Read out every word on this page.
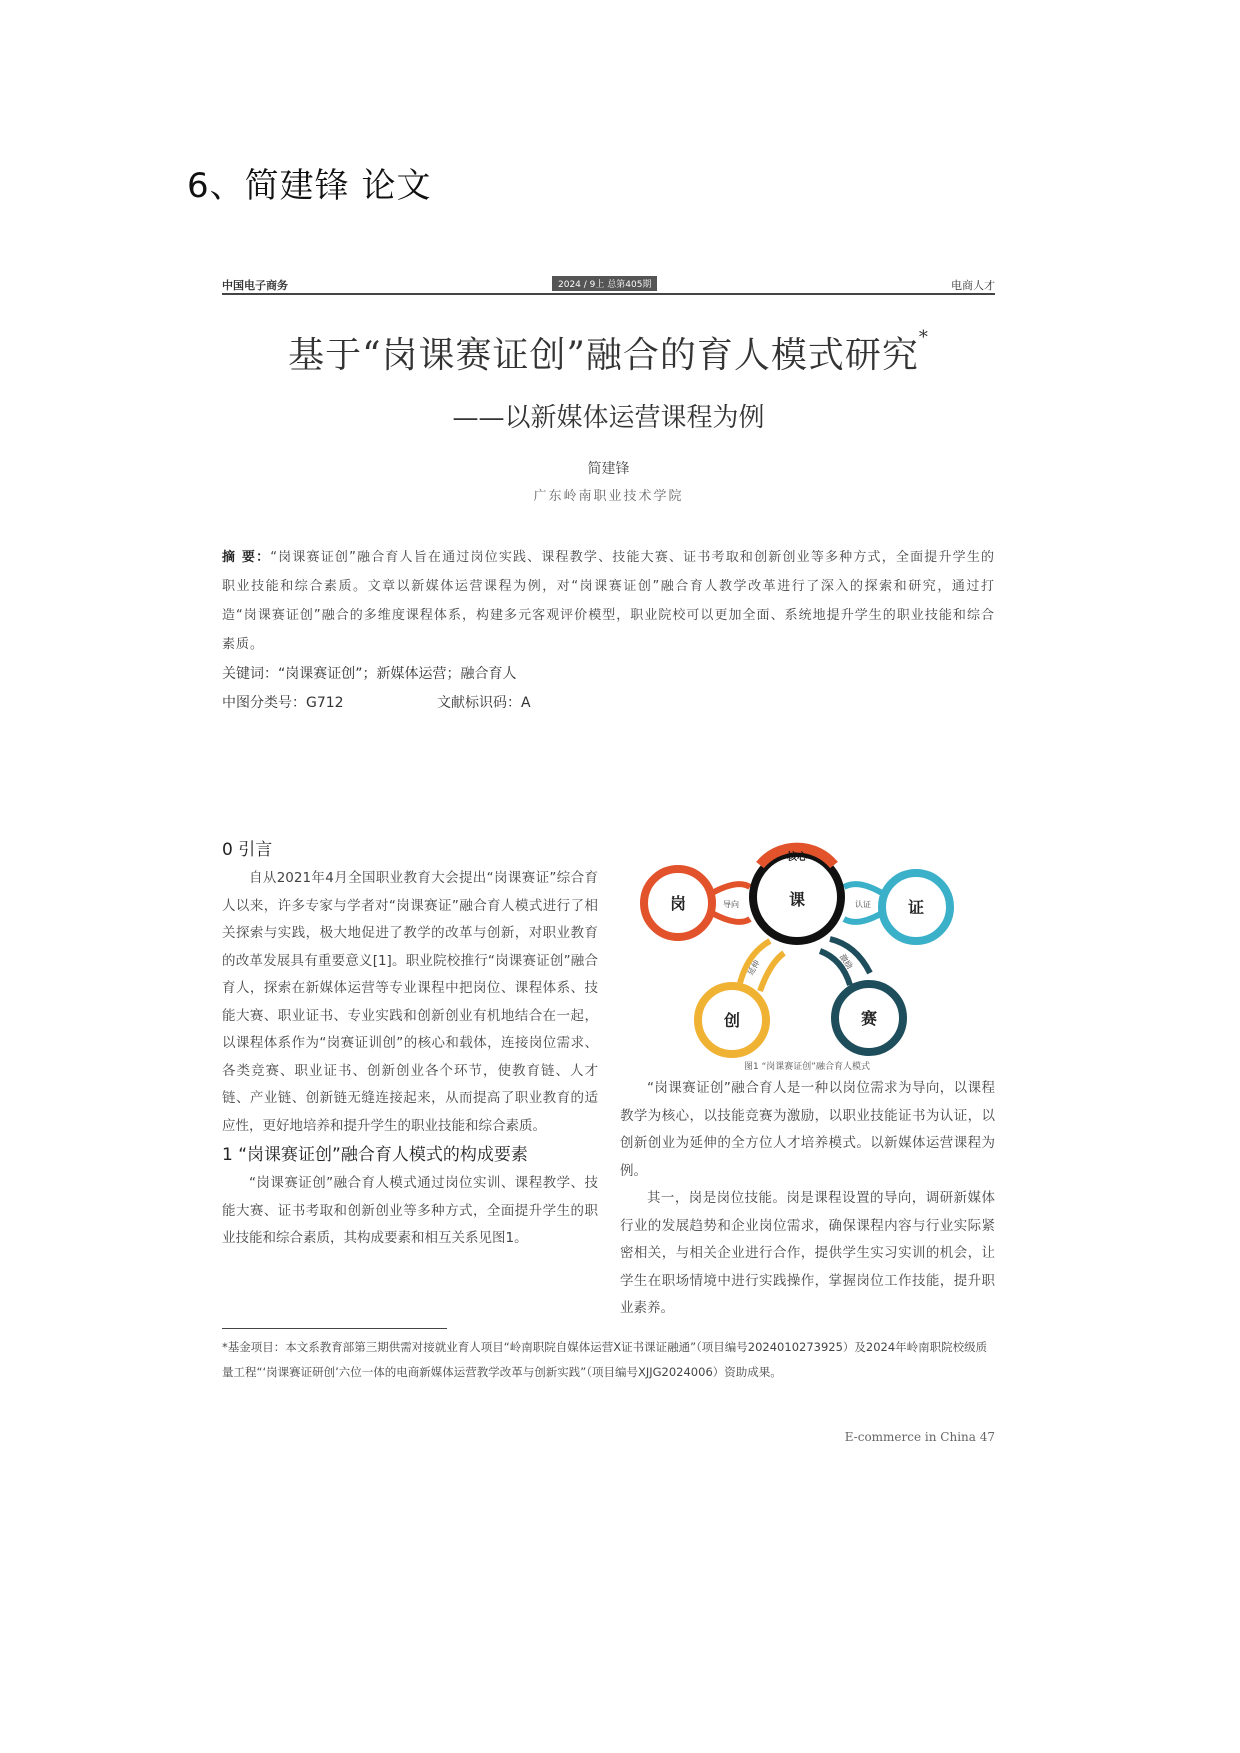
6、简建锋 论文
中国电子商务	2024 / 9上 总第405期	电商人才
基于“岗课赛证创”融合的育人模式研究*
——以新媒体运营课程为例
简建锋
广东岭南职业技术学院
摘 要：“岗课赛证创”融合育人旨在通过岗位实践、课程教学、技能大赛、证书考取和创新创业等多种方式，全面提升学生的职业技能和综合素质。文章以新媒体运营课程为例，对“岗课赛证创”融合育人教学改革进行了深入的探索和研究，通过打造“岗课赛证创”融合的多维度课程体系，构建多元客观评价模型，职业院校可以更加全面、系统地提升学生的职业技能和综合素质。
关键词：“岗课赛证创”；新媒体运营；融合育人
中图分类号：G712	文献标识码：A

0 引言

自从2021年4月全国职业教育大会提出“岗课赛证”综合育人以来，许多专家与学者对“岗课赛证”融合育人模式进行了相关探索与实践，极大地促进了教学的改革与创新，对职业教育的改革发展具有重要意义[1]。职业院校推行“岗课赛证创”融合育人，探索在新媒体运营等专业课程中把岗位、课程体系、技能大赛、职业证书、专业实践和创新创业有机地结合在一起，以课程体系作为“岗赛证训创”的核心和载体，连接岗位需求、各类竞赛、职业证书、创新创业各个环节，使教育链、人才链、产业链、创新链无缝连接起来，从而提高了职业教育的适应性，更好地培养和提升学生的职业技能和综合素质。

1 “岗课赛证创”融合育人模式的构成要素

“岗课赛证创”融合育人模式通过岗位实训、课程教学、技能大赛、证书考取和创新创业等多种方式，全面提升学生的职业技能和综合素质，其构成要素和相互关系见图1。

核心
岗	课	证
创	赛
导向	认证
延伸	激励
图1 “岗课赛证创”融合育人模式

“岗课赛证创”融合育人是一种以岗位需求为导向，以课程教学为核心，以技能竞赛为激励，以职业技能证书为认证，以创新创业为延伸的全方位人才培养模式。以新媒体运营课程为例。

其一，岗是岗位技能。岗是课程设置的导向，调研新媒体行业的发展趋势和企业岗位需求，确保课程内容与行业实际紧密相关，与相关企业进行合作，提供学生实习实训的机会，让学生在职场情境中进行实践操作，掌握岗位工作技能，提升职业素养。

*基金项目：本文系教育部第三期供需对接就业育人项目“岭南职院自媒体运营X证书课证融通”（项目编号2024010273925）及2024年岭南职院校级质量工程“‘岗课赛证研创’六位一体的电商新媒体运营教学改革与创新实践”（项目编号XJJG2024006）资助成果。
E-commerce in China 47
